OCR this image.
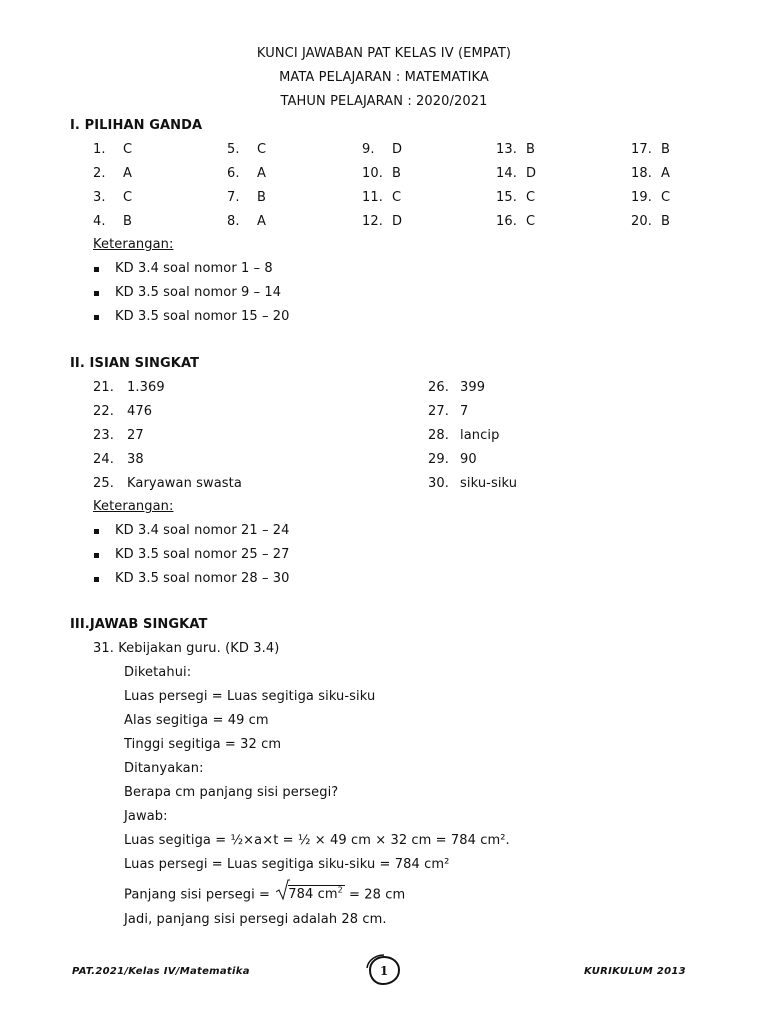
KUNCI JAWABAN PAT KELAS IV (EMPAT)
MATA PELAJARAN : MATEMATIKA
TAHUN PELAJARAN : 2020/2021
I. PILIHAN GANDA
1. C
2. A
3. C
4. B
5. C
6. A
7. B
8. A
9. D
10. B
11. C
12. D
13. B
14. D
15. C
16. C
17. B
18. A
19. C
20. B
Keterangan:
KD 3.4 soal nomor 1 – 8
KD 3.5 soal nomor 9 – 14
KD 3.5 soal nomor 15 – 20
II. ISIAN SINGKAT
21. 1.369
22. 476
23. 27
24. 38
25. Karyawan swasta
26. 399
27. 7
28. lancip
29. 90
30. siku-siku
Keterangan:
KD 3.4 soal nomor 21 – 24
KD 3.5 soal nomor 25 – 27
KD 3.5 soal nomor 28 – 30
III.JAWAB SINGKAT
31. Kebijakan guru. (KD 3.4)
Diketahui:
Luas persegi = Luas segitiga siku-siku
Alas segitiga = 49 cm
Tinggi segitiga = 32 cm
Ditanyakan:
Berapa cm panjang sisi persegi?
Jawab:
Luas segitiga = ½×a×t = ½ × 49 cm × 32 cm = 784 cm².
Luas persegi = Luas segitiga siku-siku = 784 cm²
Panjang sisi persegi =
784 $cm^2 = 28$ cm
Jadi, panjang sisi persegi adalah 28 cm.
PAT.2021/Kelas IV/Matematika	1	KURIKULUM 2013
